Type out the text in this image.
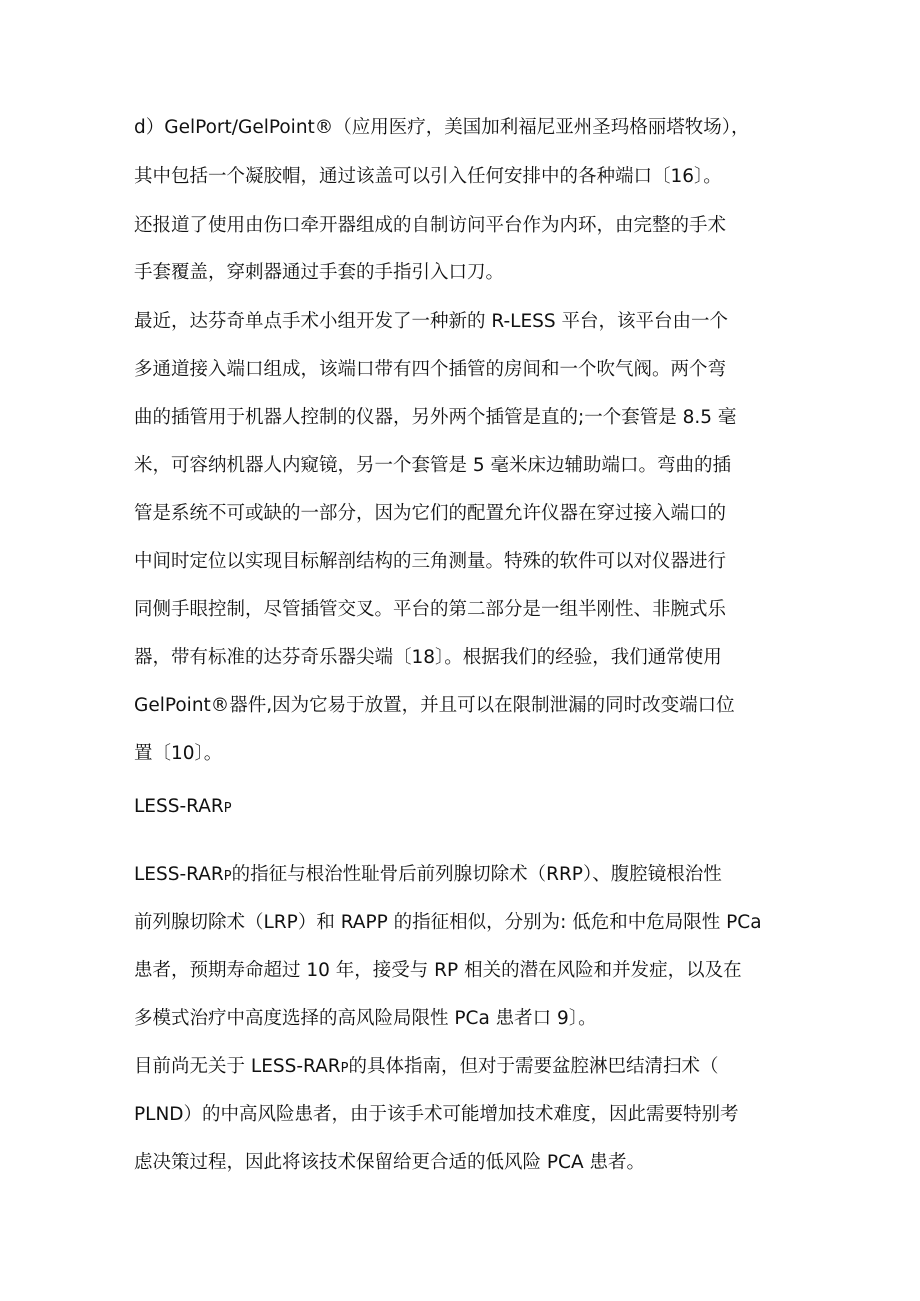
d）GelPort/GelPoint®（应用医疗，美国加利福尼亚州圣玛格丽塔牧场），

其中包括一个凝胶帽，通过该盖可以引入任何安排中的各种端口〔16〕。

还报道了使用由伤口牵开器组成的自制访问平台作为内环，由完整的手术

手套覆盖，穿刺器通过手套的手指引入口刀。

最近，达芬奇单点手术小组开发了一种新的 R-LESS 平台，该平台由一个

多通道接入端口组成，该端口带有四个插管的房间和一个吹气阀。两个弯

曲的插管用于机器人控制的仪器，另外两个插管是直的;一个套管是 8.5 毫

米，可容纳机器人内窥镜，另一个套管是 5 毫米床边辅助端口。弯曲的插

管是系统不可或缺的一部分，因为它们的配置允许仪器在穿过接入端口的

中间时定位以实现目标解剖结构的三角测量。特殊的软件可以对仪器进行

同侧手眼控制，尽管插管交叉。平台的第二部分是一组半刚性、非腕式乐

器，带有标准的达芬奇乐器尖端〔18〕。根据我们的经验，我们通常使用

GelPoint®器件,因为它易于放置，并且可以在限制泄漏的同时改变端口位

置〔10〕。

LESS-RARP

LESS-RARP的指征与根治性耻骨后前列腺切除术（RRP）、腹腔镜根治性

前列腺切除术（LRP）和 RAPP 的指征相似，分别为: 低危和中危局限性 PCa

患者，预期寿命超过 10 年，接受与 RP 相关的潜在风险和并发症，以及在

多模式治疗中高度选择的高风险局限性 PCa 患者口 9〕。

目前尚无关于 LESS-RARP的具体指南，但对于需要盆腔淋巴结清扫术（

PLND）的中高风险患者，由于该手术可能增加技术难度，因此需要特别考

虑决策过程，因此将该技术保留给更合适的低风险 PCA 患者。
